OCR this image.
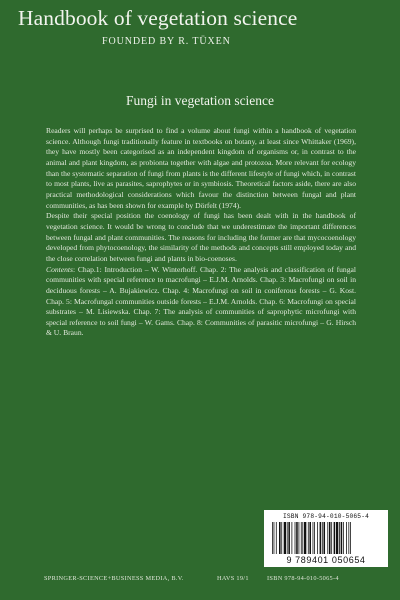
Handbook of vegetation science
FOUNDED BY R. TÜXEN
Fungi in vegetation science

Readers will perhaps be surprised to find a volume about fungi within a handbook of vegetation science. Although fungi traditionally feature in textbooks on botany, at least since Whittaker (1969), they have mostly been categorised as an independent kingdom of organisms or, in contrast to the animal and plant kingdom, as probionta together with algae and protozoa. More relevant for ecology than the systematic separation of fungi from plants is the different lifestyle of fungi which, in contrast to most plants, live as parasites, saprophytes or in symbiosis. Theoretical factors aside, there are also practical methodological considerations which favour the distinction between fungal and plant communities, as has been shown for example by Dörfelt (1974).

Despite their special position the coenology of fungi has been dealt with in the handbook of vegetation science. It would be wrong to conclude that we underestimate the important differences between fungal and plant communities. The reasons for including the former are that mycocoenology developed from phytocoenology, the similarity of the methods and concepts still employed today and the close correlation between fungi and plants in bio-coenoses.

Contents: Chap.1: Introduction – W. Winterhoff. Chap. 2: The analysis and classification of fungal communities with special reference to macrofungi – E.J.M. Arnolds. Chap. 3: Macrofungi on soil in deciduous forests – A. Bujakiewicz. Chap. 4: Macrofungi on soil in coniferous forests – G. Kost. Chap. 5: Macrofungal communities outside forests – E.J.M. Arnolds. Chap. 6: Macrofungi on special substrates – M. Lisiewska. Chap. 7: The analysis of communities of saprophytic microfungi with special reference to soil fungi – W. Gams. Chap. 8: Communities of parasitic microfungi – G. Hirsch & U. Braun.

ISBN 978-94-010-5065-4
9 789401 050654
SPRINGER-SCIENCE+BUSINESS MEDIA, B.V.	HAVS 19/1	ISBN 978-94-010-5065-4
